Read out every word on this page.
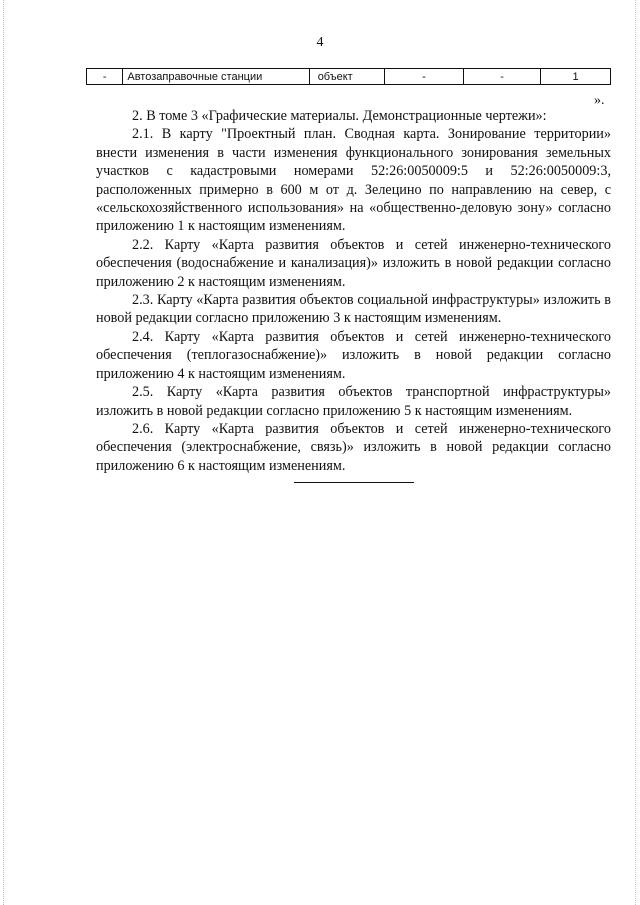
4
-	Автозаправочные станции	объект	-	-	1
».

2. В томе 3 «Графические материалы. Демонстрационные чертежи»:

2.1. В карту "Проектный план. Сводная карта. Зонирование территории» внести изменения в части изменения функционального зонирования земельных участков с кадастровыми номерами 52:26:0050009:5 и 52:26:0050009:3, расположенных примерно в 600 м от д. Зелецино по направлению на север, с «сельскохозяйственного использования» на «общественно-деловую зону» согласно приложению 1 к настоящим изменениям.

2.2. Карту «Карта развития объектов и сетей инженерно-технического обеспечения (водоснабжение и канализация)» изложить в новой редакции согласно приложению 2 к настоящим изменениям.

2.3. Карту «Карта развития объектов социальной инфраструктуры» изложить в новой редакции согласно приложению 3 к настоящим изменениям.

2.4. Карту «Карта развития объектов и сетей инженерно-технического обеспечения (теплогазоснабжение)» изложить в новой редакции согласно приложению 4 к настоящим изменениям.

2.5. Карту «Карта развития объектов транспортной инфраструктуры» изложить в новой редакции согласно приложению 5 к настоящим изменениям.

2.6. Карту «Карта развития объектов и сетей инженерно-технического обеспечения (электроснабжение, связь)» изложить в новой редакции согласно приложению 6 к настоящим изменениям.
